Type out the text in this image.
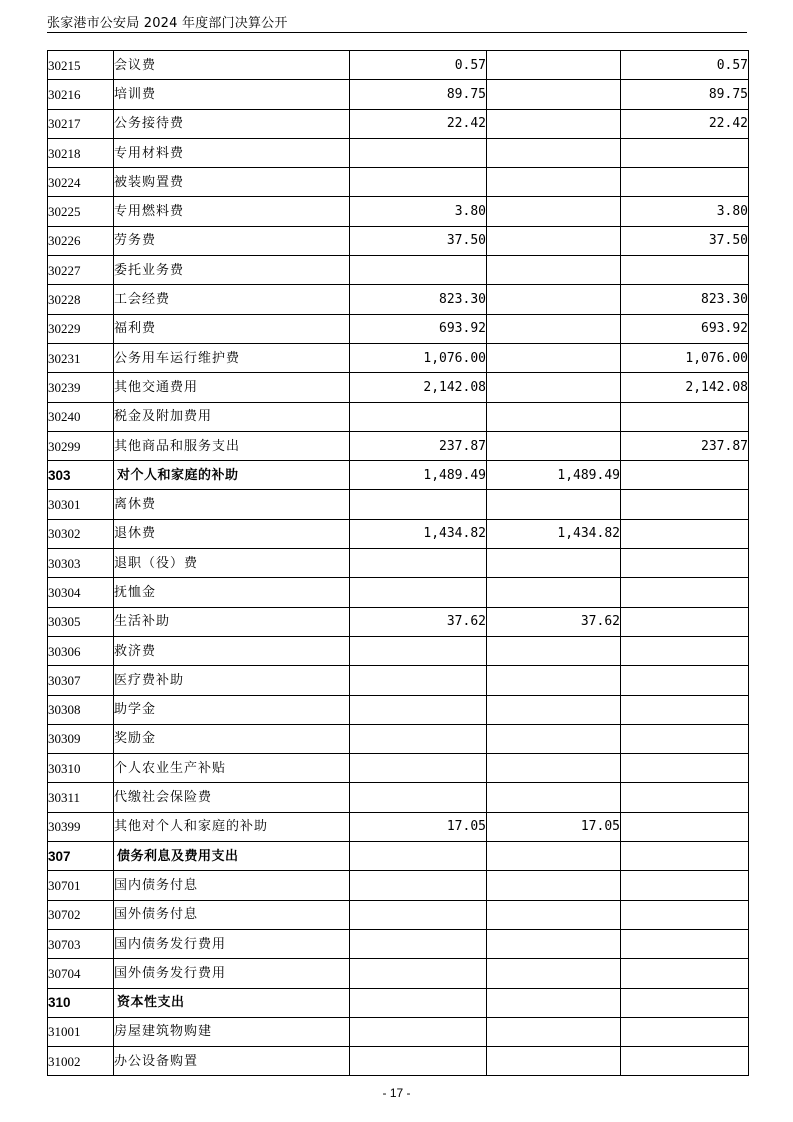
张家港市公安局 2024 年度部门决算公开
30215	会议费	0.57		0.57
30216	培训费	89.75		89.75
30217	公务接待费	22.42		22.42
30218	专用材料费			
30224	被装购置费			
30225	专用燃料费	3.80		3.80
30226	劳务费	37.50		37.50
30227	委托业务费			
30228	工会经费	823.30		823.30
30229	福利费	693.92		693.92
30231	公务用车运行维护费	1,076.00		1,076.00
30239	其他交通费用	2,142.08		2,142.08
30240	税金及附加费用			
30299	其他商品和服务支出	237.87		237.87
303	对个人和家庭的补助	1,489.49	1,489.49	
30301	离休费			
30302	退休费	1,434.82	1,434.82	
30303	退职（役）费			
30304	抚恤金			
30305	生活补助	37.62	37.62	
30306	救济费			
30307	医疗费补助			
30308	助学金			
30309	奖励金			
30310	个人农业生产补贴			
30311	代缴社会保险费			
30399	其他对个人和家庭的补助	17.05	17.05	
307	债务利息及费用支出			
30701	国内债务付息			
30702	国外债务付息			
30703	国内债务发行费用			
30704	国外债务发行费用			
310	资本性支出			
31001	房屋建筑物购建			
31002	办公设备购置			
- 17 -
